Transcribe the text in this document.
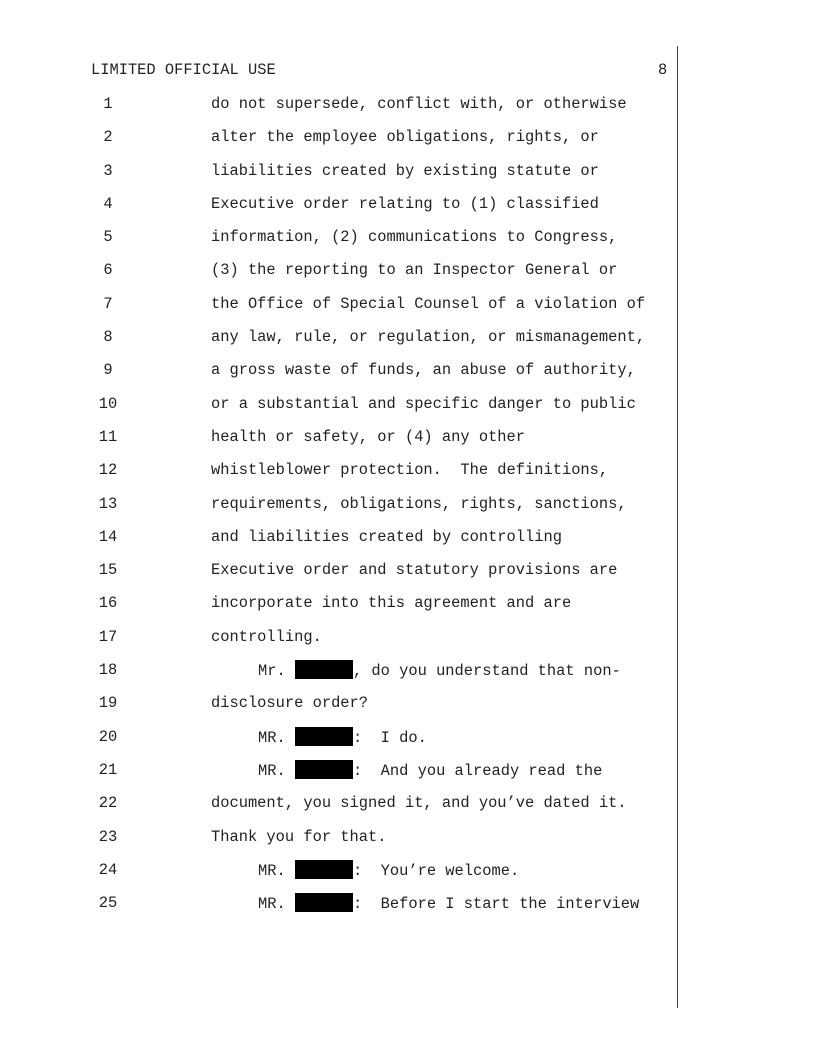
LIMITED OFFICIAL USE	8
1	do not supersede, conflict with, or otherwise
2	alter the employee obligations, rights, or
3	liabilities created by existing statute or
4	Executive order relating to (1) classified
5	information, (2) communications to Congress,
6	(3) the reporting to an Inspector General or
7	the Office of Special Counsel of a violation of
8	any law, rule, or regulation, or mismanagement,
9	a gross waste of funds, an abuse of authority,
10	or a substantial and specific danger to public
11	health or safety, or (4) any other
12	whistleblower protection.  The definitions,
13	requirements, obligations, rights, sanctions,
14	and liabilities created by controlling
15	Executive order and statutory provisions are
16	incorporate into this agreement and are
17	controlling.
18	Mr.	, do you understand that non-
19	disclosure order?
20	MR.	:  I do.
21	MR.	:  And you already read the
22	document, you signed it, and you’ve dated it.
23	Thank you for that.
24	MR.	:  You’re welcome.
25	MR.	:  Before I start the interview
